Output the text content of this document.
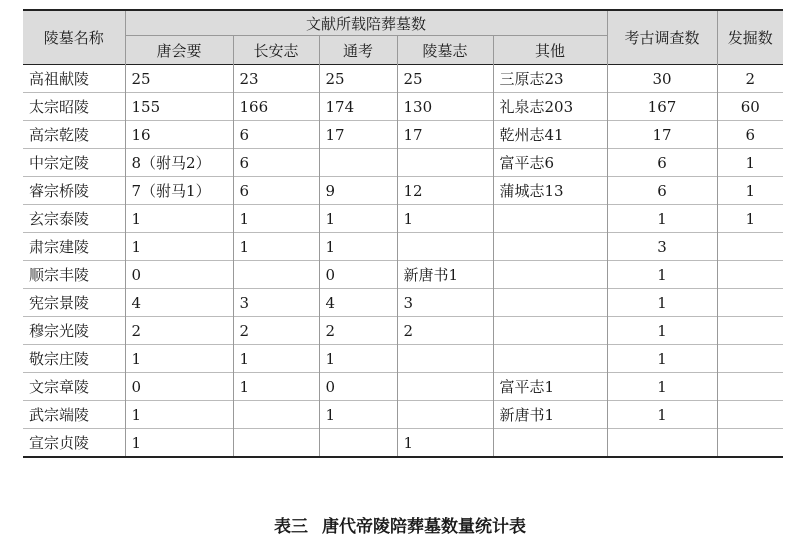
陵墓名称	文献所载陪葬墓数					考古调查数	发掘数
	唐会要	长安志	通考	陵墓志	其他		
高祖献陵	25	23	25	25	三原志23	30	2
太宗昭陵	155	166	174	130	礼泉志203	167	60
高宗乾陵	16	6	17	17	乾州志41	17	6
中宗定陵	8（驸马2）	6			富平志6	6	1
睿宗桥陵	7（驸马1）	6	9	12	蒲城志13	6	1
玄宗泰陵	1	1	1	1		1	1
肃宗建陵	1	1	1			3	
顺宗丰陵	0		0	新唐书1		1	
宪宗景陵	4	3	4	3		1	
穆宗光陵	2	2	2	2		1	
敬宗庄陵	1	1	1			1	
文宗章陵	0	1	0		富平志1	1	
武宗端陵	1		1		新唐书1	1	
宣宗贞陵	1			1			
表三 唐代帝陵陪葬墓数量统计表
